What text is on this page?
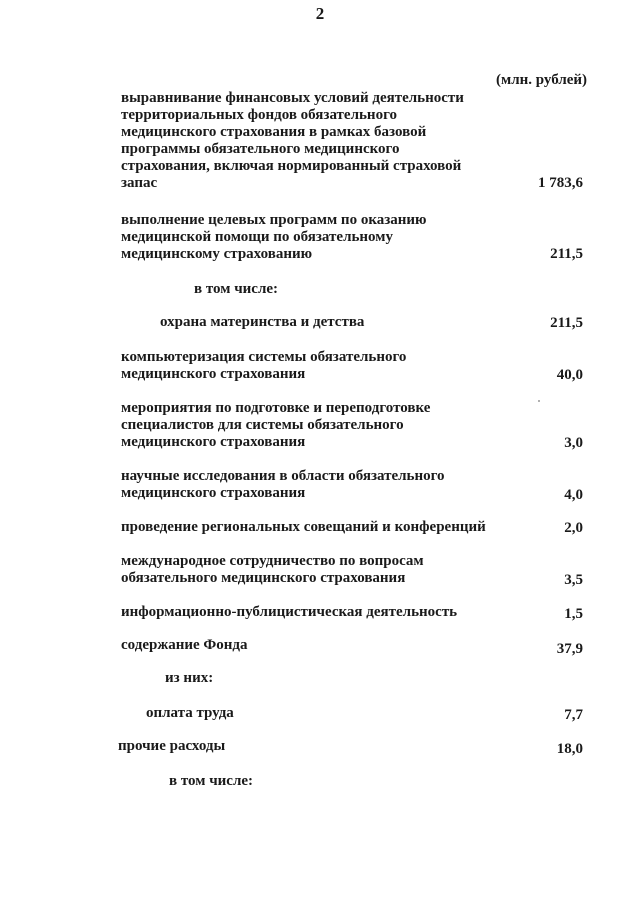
2
(млн. рублей)
выравнивание финансовых условий деятельности
территориальных фондов обязательного
медицинского страхования в рамках базовой
программы обязательного медицинского
страхования, включая нормированный страховой
запас	1 783,6
выполнение целевых программ по оказанию
медицинской помощи по обязательному
медицинскому страхованию	211,5
в том числе:
охрана материнства и детства	211,5
компьютеризация системы обязательного
медицинского страхования	40,0
мероприятия по подготовке и переподготовке
специалистов для системы обязательного
медицинского страхования	3,0
научные исследования в области обязательного
медицинского страхования	4,0
проведение региональных совещаний и конференций	2,0
международное сотрудничество по вопросам
обязательного медицинского страхования	3,5
информационно-публицистическая деятельность	1,5
содержание Фонда	37,9
из них:
оплата труда	7,7
прочие расходы	18,0
в том числе:
